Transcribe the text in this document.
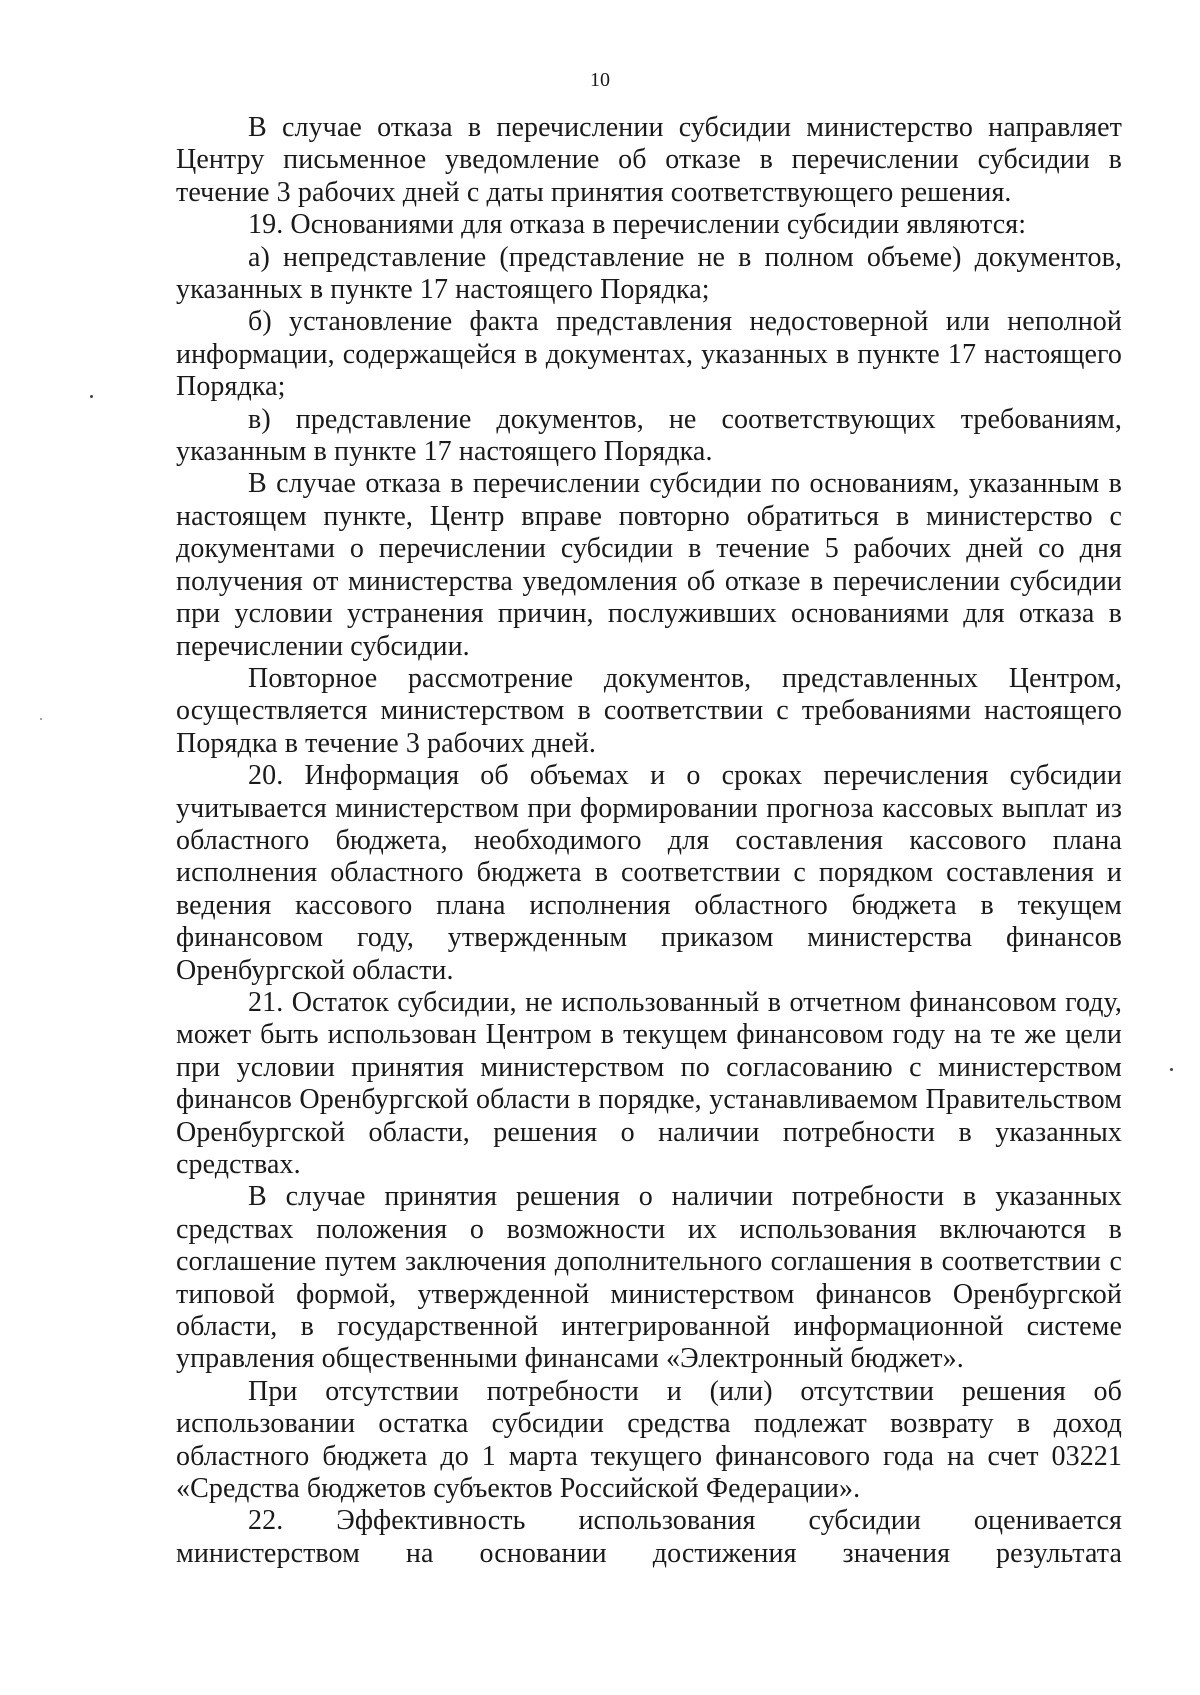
10

В случае отказа в перечислении субсидии министерство направляет Центру письменное уведомление об отказе в перечислении субсидии в течение 3 рабочих дней с даты принятия соответствующего решения.

19. Основаниями для отказа в перечислении субсидии являются:

а) непредставление (представление не в полном объеме) документов, указанных в пункте 17 настоящего Порядка;

б) установление факта представления недостоверной или неполной информации, содержащейся в документах, указанных в пункте 17 настоящего Порядка;

в) представление документов, не соответствующих требованиям, указанным в пункте 17 настоящего Порядка.

В случае отказа в перечислении субсидии по основаниям, указанным в настоящем пункте, Центр вправе повторно обратиться в министерство с документами о перечислении субсидии в течение 5 рабочих дней со дня получения от министерства уведомления об отказе в перечислении субсидии при условии устранения причин, послуживших основаниями для отказа в перечислении субсидии.

Повторное рассмотрение документов, представленных Центром, осуществляется министерством в соответствии с требованиями настоящего Порядка в течение 3 рабочих дней.

20. Информация об объемах и о сроках перечисления субсидии учитывается министерством при формировании прогноза кассовых выплат из областного бюджета, необходимого для составления кассового плана исполнения областного бюджета в соответствии с порядком составления и ведения кассового плана исполнения областного бюджета в текущем финансовом году, утвержденным приказом министерства финансов Оренбургской области.

21. Остаток субсидии, не использованный в отчетном финансовом году, может быть использован Центром в текущем финансовом году на те же цели при условии принятия министерством по согласованию с министерством финансов Оренбургской области в порядке, устанавливаемом Правительством Оренбургской области, решения о наличии потребности в указанных средствах.

В случае принятия решения о наличии потребности в указанных средствах положения о возможности их использования включаются в соглашение путем заключения дополнительного соглашения в соответствии с типовой формой, утвержденной министерством финансов Оренбургской области, в государственной интегрированной информационной системе управления общественными финансами «Электронный бюджет».

При отсутствии потребности и (или) отсутствии решения об использовании остатка субсидии средства подлежат возврату в доход областного бюджета до 1 марта текущего финансового года на счет 03221 «Средства бюджетов субъектов Российской Федерации».

22. Эффективность использования субсидии оценивается министерством на основании достижения значения результата
